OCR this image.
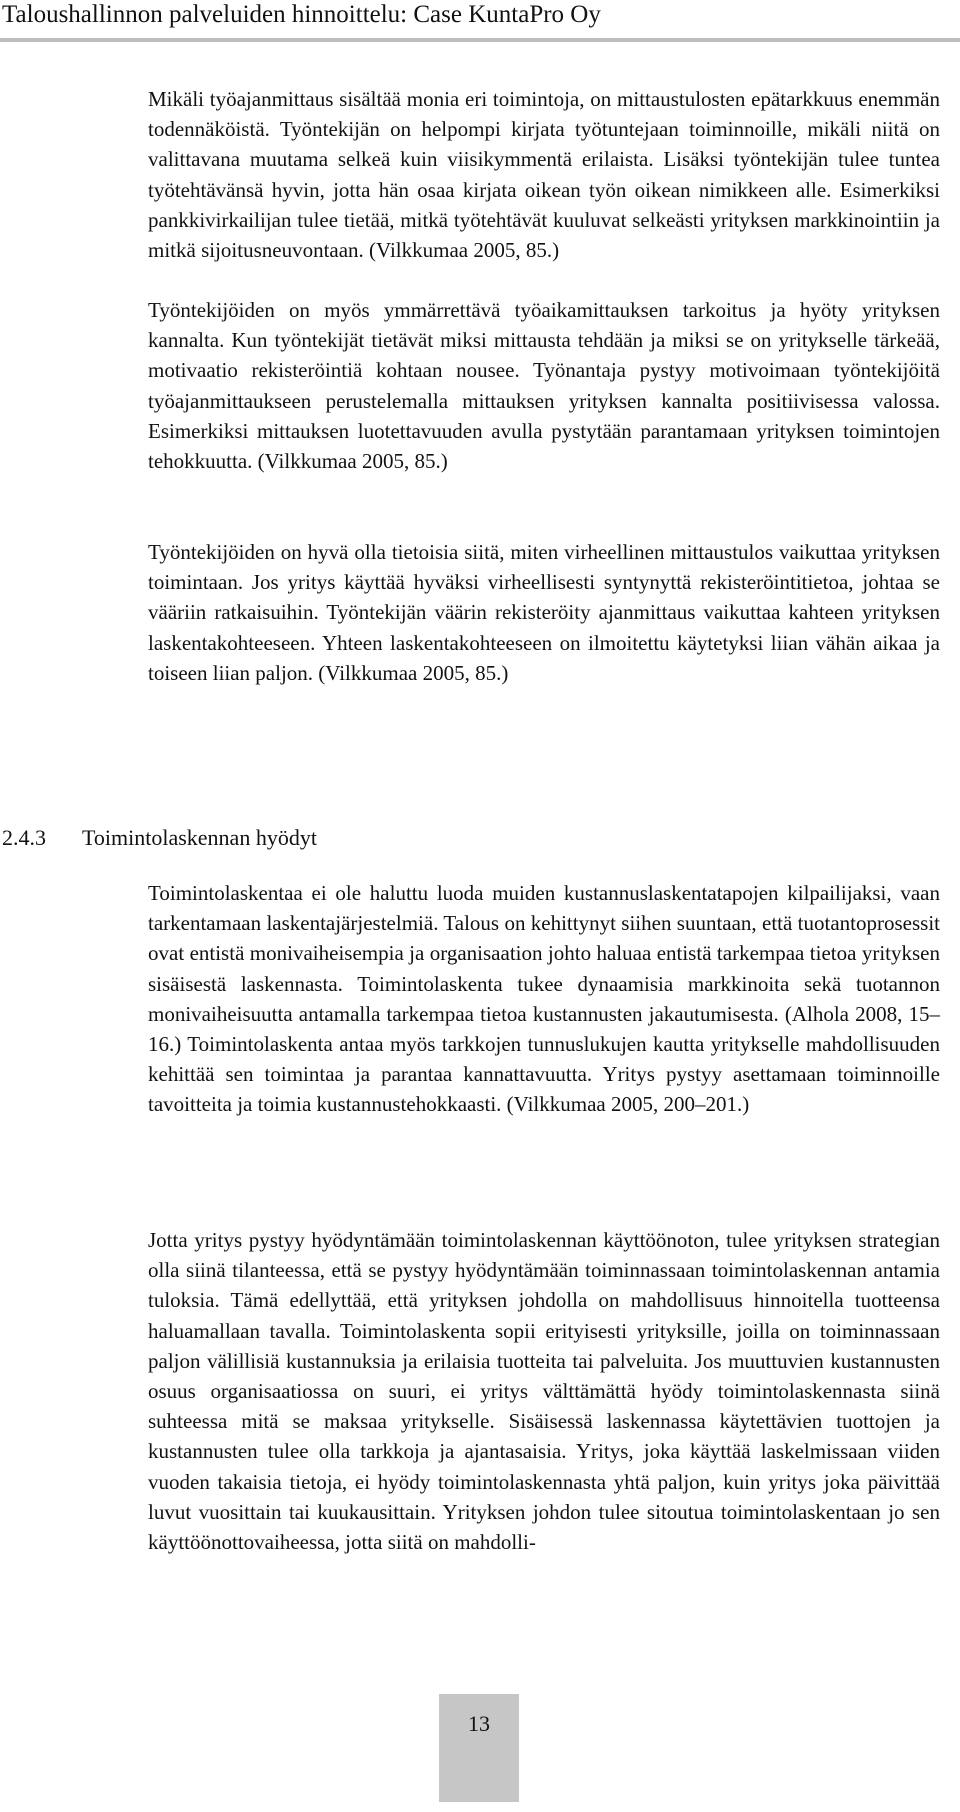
Taloushallinnon palveluiden hinnoittelu: Case KuntaPro Oy

Mikäli työajanmittaus sisältää monia eri toimintoja, on mittaustulosten epätarkkuus enemmän todennäköistä. Työntekijän on helpompi kirjata työtuntejaan toiminnoille, mikäli niitä on valittavana muutama selkeä kuin viisikymmentä erilaista. Lisäksi työntekijän tulee tuntea työtehtävänsä hyvin, jotta hän osaa kirjata oikean työn oikean nimikkeen alle. Esimerkiksi pankkivirkailijan tulee tietää, mitkä työtehtävät kuuluvat selkeästi yrityksen markkinointiin ja mitkä sijoitusneuvontaan. (Vilkkumaa 2005, 85.)

Työntekijöiden on myös ymmärrettävä työaikamittauksen tarkoitus ja hyöty yrityksen kannalta. Kun työntekijät tietävät miksi mittausta tehdään ja miksi se on yritykselle tärkeää, motivaatio rekisteröintiä kohtaan nousee. Työnantaja pystyy motivoimaan työntekijöitä työajanmittaukseen perustelemalla mittauksen yrityksen kannalta positiivisessa valossa. Esimerkiksi mittauksen luotettavuuden avulla pystytään parantamaan yrityksen toimintojen tehokkuutta. (Vilkkumaa 2005, 85.)

Työntekijöiden on hyvä olla tietoisia siitä, miten virheellinen mittaustulos vaikuttaa yrityksen toimintaan. Jos yritys käyttää hyväksi virheellisesti syntynyttä rekisteröintitietoa, johtaa se vääriin ratkaisuihin. Työntekijän väärin rekisteröity ajanmittaus vaikuttaa kahteen yrityksen laskentakohteeseen. Yhteen laskentakohteeseen on ilmoitettu käytetyksi liian vähän aikaa ja toiseen liian paljon. (Vilkkumaa 2005, 85.)

2.4.3 Toimintolaskennan hyödyt

Toimintolaskentaa ei ole haluttu luoda muiden kustannuslaskentatapojen kilpailijaksi, vaan tarkentamaan laskentajärjestelmiä. Talous on kehittynyt siihen suuntaan, että tuotantoprosessit ovat entistä monivaiheisempia ja organisaation johto haluaa entistä tarkempaa tietoa yrityksen sisäisestä laskennasta. Toimintolaskenta tukee dynaamisia markkinoita sekä tuotannon monivaiheisuutta antamalla tarkempaa tietoa kustannusten jakautumisesta. (Alhola 2008, 15–16.) Toimintolaskenta antaa myös tarkkojen tunnuslukujen kautta yritykselle mahdollisuuden kehittää sen toimintaa ja parantaa kannattavuutta. Yritys pystyy asettamaan toiminnoille tavoitteita ja toimia kustannustehokkaasti. (Vilkkumaa 2005, 200–201.)

Jotta yritys pystyy hyödyntämään toimintolaskennan käyttöönoton, tulee yrityksen strategian olla siinä tilanteessa, että se pystyy hyödyntämään toiminnassaan toimintolaskennan antamia tuloksia. Tämä edellyttää, että yrityksen johdolla on mahdollisuus hinnoitella tuotteensa haluamallaan tavalla. Toimintolaskenta sopii erityisesti yrityksille, joilla on toiminnassaan paljon välillisiä kustannuksia ja erilaisia tuotteita tai palveluita. Jos muuttuvien kustannusten osuus organisaatiossa on suuri, ei yritys välttämättä hyödy toimintolaskennasta siinä suhteessa mitä se maksaa yritykselle. Sisäisessä laskennassa käytettävien tuottojen ja kustannusten tulee olla tarkkoja ja ajantasaisia. Yritys, joka käyttää laskelmissaan viiden vuoden takaisia tietoja, ei hyödy toimintolaskennasta yhtä paljon, kuin yritys joka päivittää luvut vuosittain tai kuukausittain. Yrityksen johdon tulee sitoutua toimintolaskentaan jo sen käyttöönottovaiheessa, jotta siitä on mahdolli-

13
